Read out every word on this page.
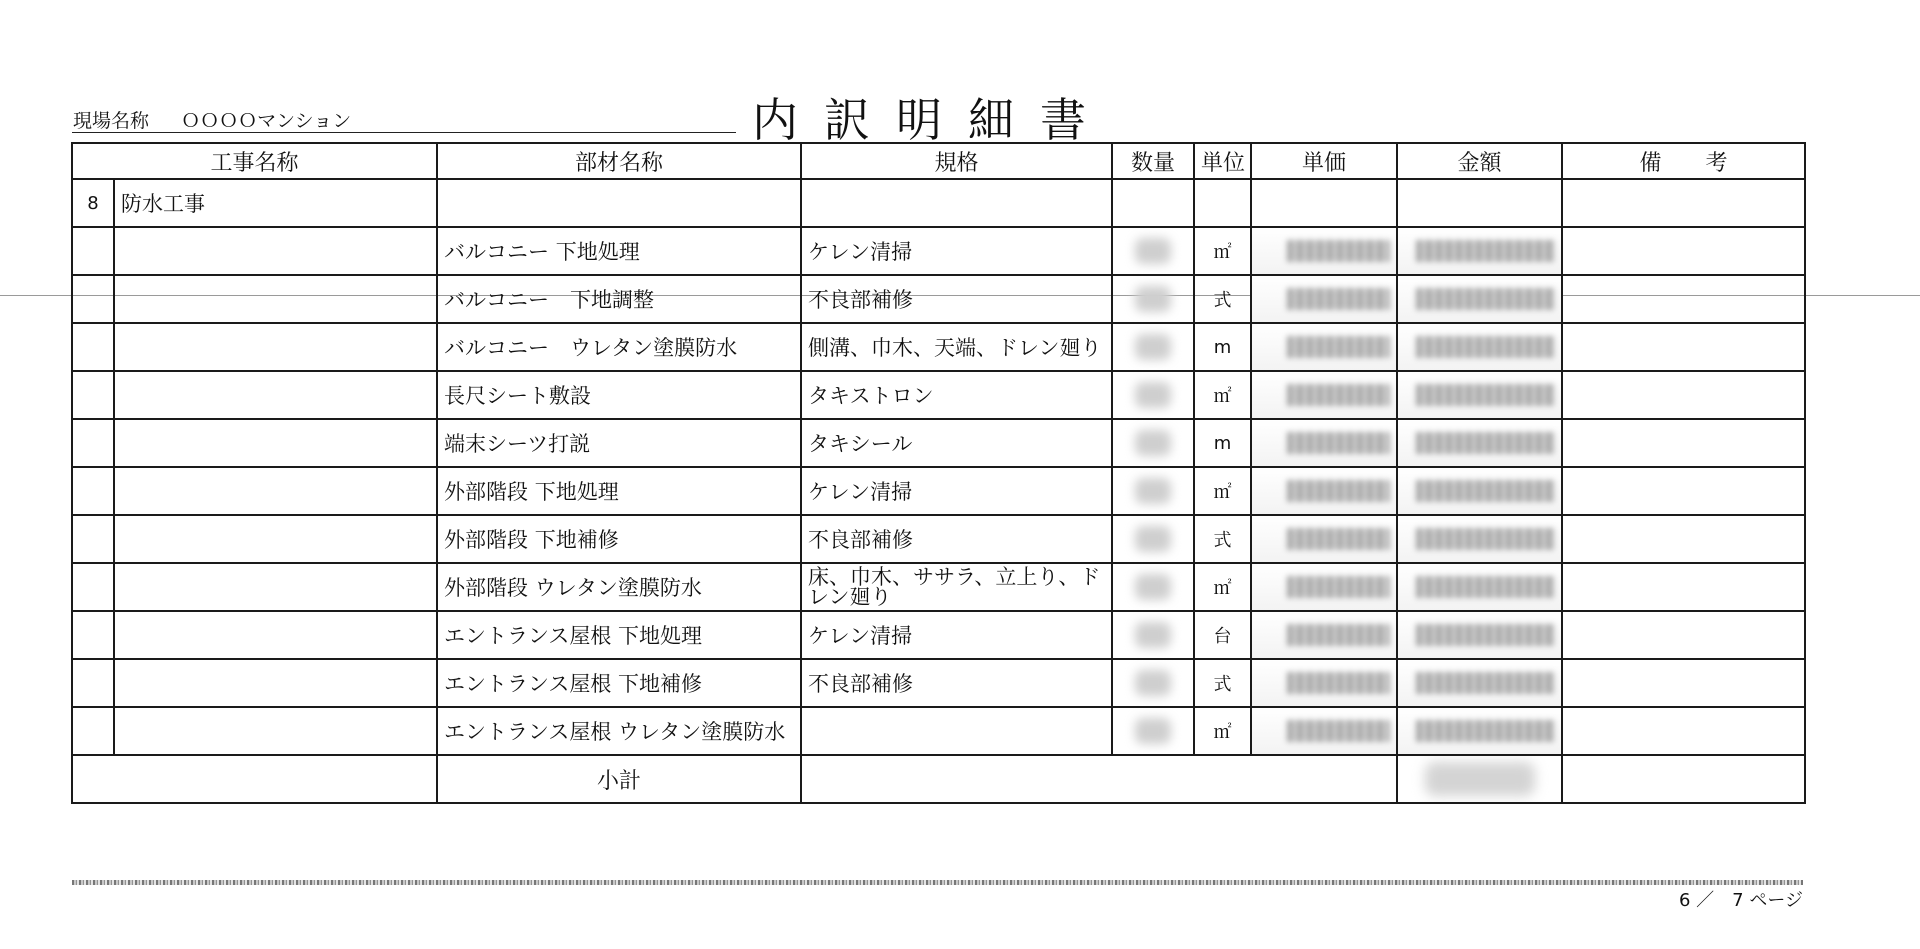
現場名称 ＯＯＯＯマンション	内訳明細書
工事名称		部材名称	規格	数量	単位	単価	金額	備　　考
8	防水工事							
		バルコニー 下地処理	ケレン清掃		㎡	

		バルコニー　下地調整	不良部補修		式	

		バルコニー　ウレタン塗膜防水	側溝、巾木、天端、ドレン廻り		m	

		長尺シート敷設	タキストロン		㎡	

		端末シーツ打説	タキシール		m	

		外部階段 下地処理	ケレン清掃		㎡	

		外部階段 下地補修	不良部補修		式	

		外部階段 ウレタン塗膜防水	床、巾木、ササラ、立上り、ドレン廻り		㎡	

		エントランス屋根 下地処理	ケレン清掃		台	

		エントランス屋根 下地補修	不良部補修		式	

		エントランス屋根 ウレタン塗膜防水			㎡	

		小計					

6 ／　7 ページ
